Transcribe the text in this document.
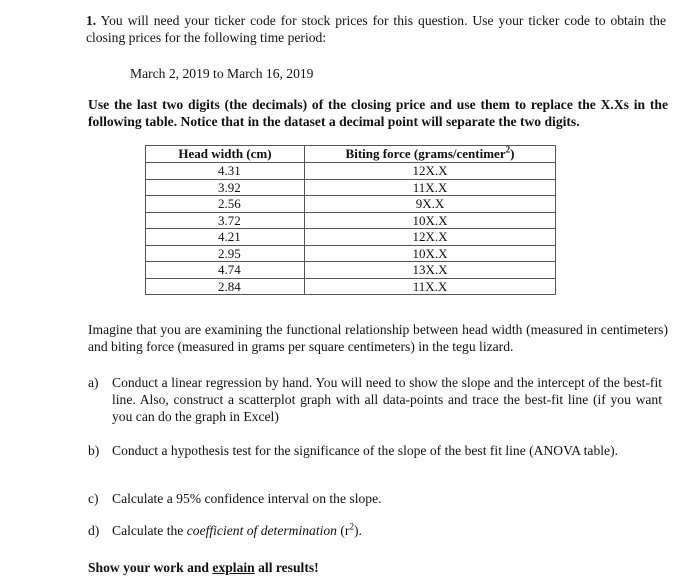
1. You will need your ticker code for stock prices for this question. Use your ticker code to obtain the closing prices for the following time period:

March 2, 2019 to March 16, 2019

Use the last two digits (the decimals) of the closing price and use them to replace the X.Xs in the following table. Notice that in the dataset a decimal point will separate the two digits.

Head width (cm)	Biting force (grams/centimer$^2$)
4.31	12X.X
3.92	11X.X
2.56	9X.X
3.72	10X.X
4.21	12X.X
2.95	10X.X
4.74	13X.X
2.84	11X.X

Imagine that you are examining the functional relationship between head width (measured in centimeters) and biting force (measured in grams per square centimeters) in the tegu lizard.

a) Conduct a linear regression by hand. You will need to show the slope and the intercept of the best-fit line. Also, construct a scatterplot graph with all data-points and trace the best-fit line (if you want you can do the graph in Excel)
b) Conduct a hypothesis test for the significance of the slope of the best fit line (ANOVA table).
c) Calculate a 95% confidence interval on the slope.
d) Calculate the coefficient of determination $(r^2)$.
Show your work and explain all results!
